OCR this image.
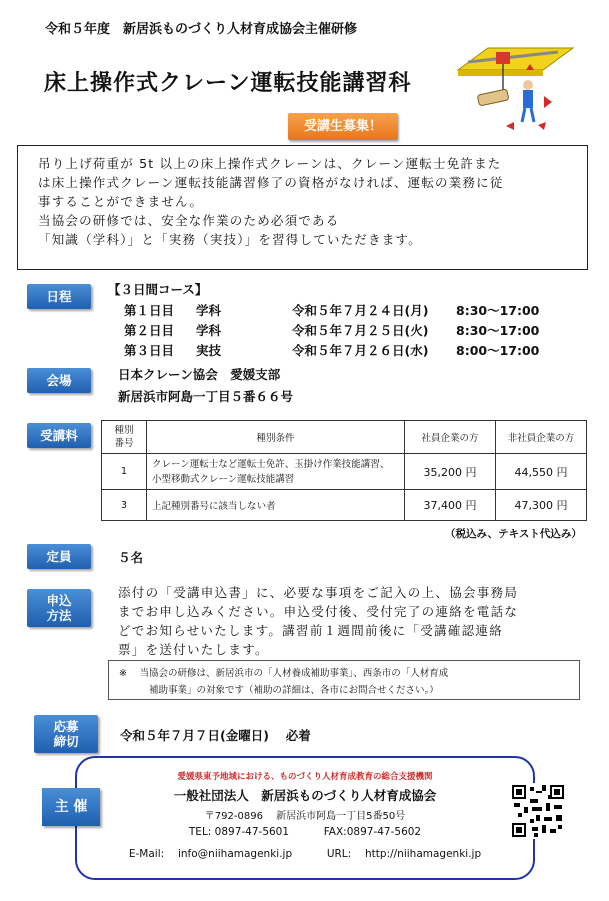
令和５年度　新居浜ものづくり人材育成協会主催研修
床上操作式クレーン運転技能講習科
受講生募集！

吊り上げ荷重が 5t 以上の床上操作式クレーンは、クレーン運転士免許また

は床上操作式クレーン運転技能講習修了の資格がなければ、運転の業務に従

事することができません。

当協会の研修では、安全な作業のため必須である

「知識（学科）」と「実務（実技）」を習得していただきます。

日程	【３日間コース】
第１日目	学科	令和５年７月２４日(月)	8:30～17:00
第２日目	学科	令和５年７月２５日(火)	8:30～17:00
第３日目	実技	令和５年７月２６日(水)	8:00～17:00
会場	日本クレーン協会　愛媛支部
新居浜市阿島一丁目５番６６号
受講料	種別
番号	種別条件	社員企業の方	非社員企業の方
1	クレーン運転士など運転士免許、玉掛け作業技能講習、
小型移動式クレーン運転技能講習	35,200 円	44,550 円
3	上記種別番号に該当しない者	37,400 円	47,300 円
（税込み、テキスト代込み）
定員	５名
申込
方法
添付の「受講申込書」に、必要な事項をご記入の上、協会事務局
までお申し込みください。申込受付後、受付完了の連絡を電話な
どでお知らせいたします。講習前１週間前後に「受講確認連絡
票」を送付いたします。
※　 当協会の研修は、新居浜市の「人材養成補助事業」、西条市の「人材育成
補助事業」の対象です（補助の詳細は、各市にお問合せください。）
応募
締切	令和５年７月７日(金曜日)　 必着
主 催
愛媛県東予地域における、ものづくり人材育成教育の総合支援機関
一般社団法人　新居浜ものづくり人材育成協会
〒792-0896　 新居浜市阿島一丁目5番50号
TEL: 0897-47-5601	FAX:0897-47-5602
E-Mail:　 info@niihamagenki.jp	URL:　 http://niihamagenki.jp
